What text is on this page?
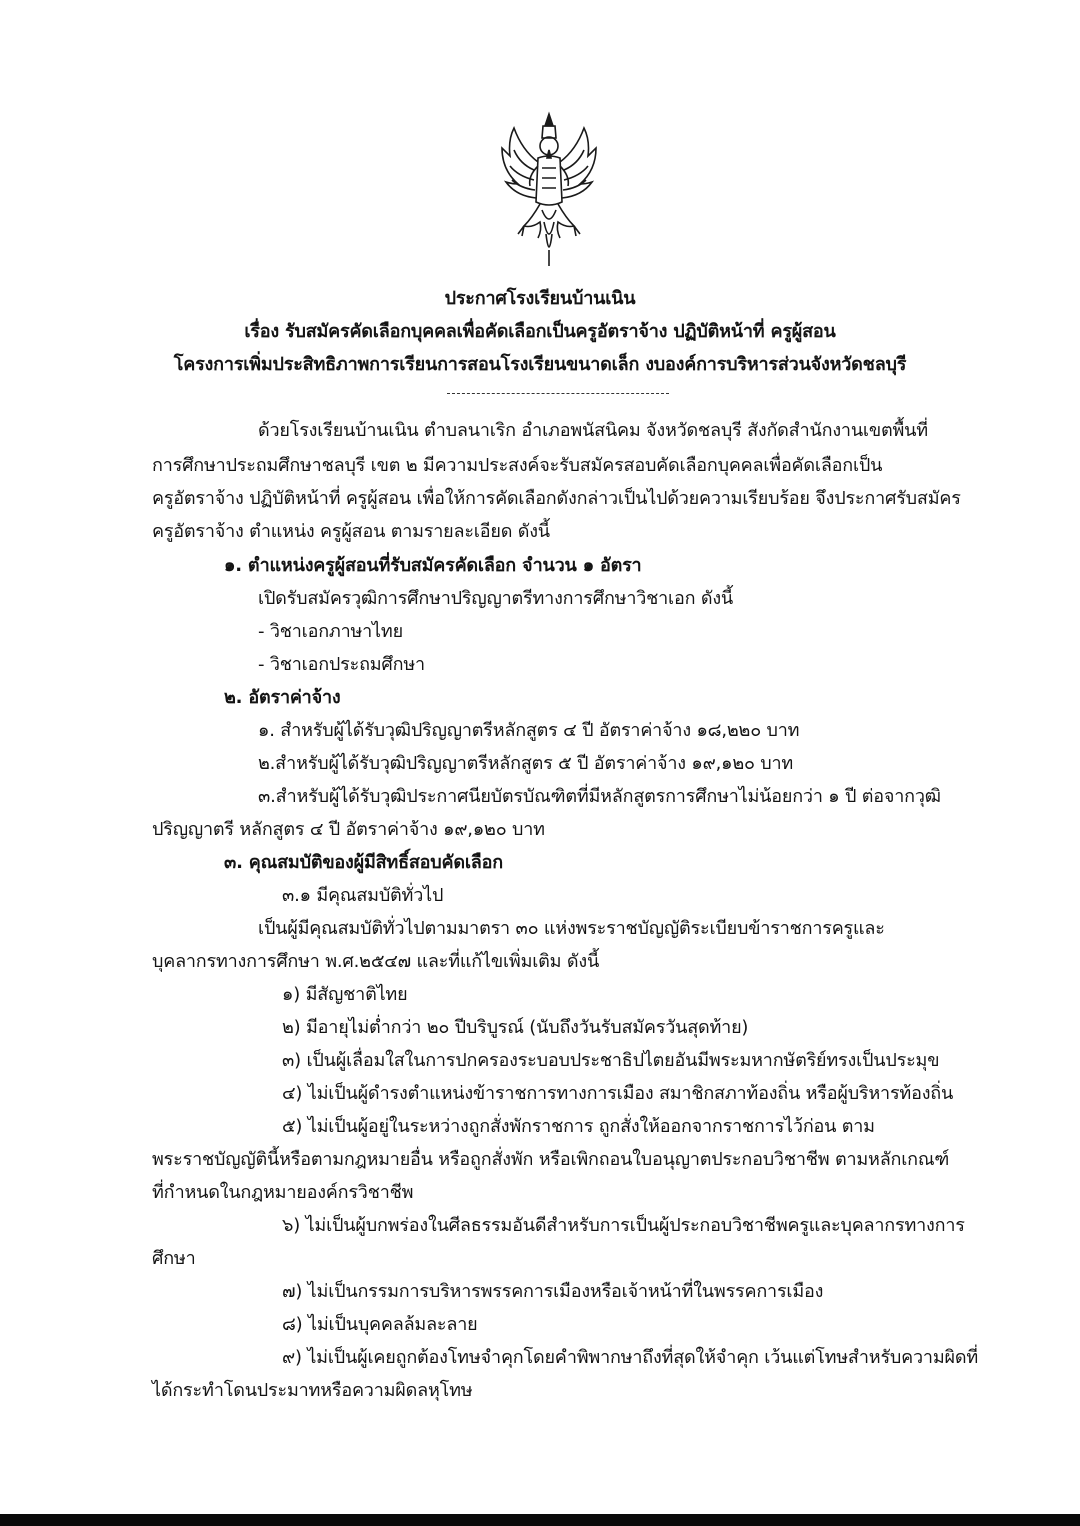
ประกาศโรงเรียนบ้านเนิน
เรื่อง รับสมัครคัดเลือกบุคคลเพื่อคัดเลือกเป็นครูอัตราจ้าง ปฏิบัติหน้าที่ ครูผู้สอน
โครงการเพิ่มประสิทธิภาพการเรียนการสอนโรงเรียนขนาดเล็ก งบองค์การบริหารส่วนจังหวัดชลบุรี
ด้วยโรงเรียนบ้านเนิน ตำบลนาเริก อำเภอพนัสนิคม จังหวัดชลบุรี สังกัดสำนักงานเขตพื้นที่
การศึกษาประถมศึกษาชลบุรี เขต ๒ มีความประสงค์จะรับสมัครสอบคัดเลือกบุคคลเพื่อคัดเลือกเป็น
ครูอัตราจ้าง ปฏิบัติหน้าที่ ครูผู้สอน เพื่อให้การคัดเลือกดังกล่าวเป็นไปด้วยความเรียบร้อย จึงประกาศรับสมัคร
ครูอัตราจ้าง ตำแหน่ง ครูผู้สอน ตามรายละเอียด ดังนี้
๑. ตำแหน่งครูผู้สอนที่รับสมัครคัดเลือก จำนวน ๑ อัตรา
เปิดรับสมัครวุฒิการศึกษาปริญญาตรีทางการศึกษาวิชาเอก ดังนี้
- วิชาเอกภาษาไทย
- วิชาเอกประถมศึกษา
๒. อัตราค่าจ้าง
๑. สำหรับผู้ได้รับวุฒิปริญญาตรีหลักสูตร ๔ ปี อัตราค่าจ้าง ๑๘,๒๒๐ บาท
๒.สำหรับผู้ได้รับวุฒิปริญญาตรีหลักสูตร ๕ ปี อัตราค่าจ้าง ๑๙,๑๒๐ บาท
๓.สำหรับผู้ได้รับวุฒิประกาศนียบัตรบัณฑิตที่มีหลักสูตรการศึกษาไม่น้อยกว่า ๑ ปี ต่อจากวุฒิ
ปริญญาตรี หลักสูตร ๔ ปี อัตราค่าจ้าง ๑๙,๑๒๐ บาท
๓. คุณสมบัติของผู้มีสิทธิ์สอบคัดเลือก
๓.๑ มีคุณสมบัติทั่วไป
เป็นผู้มีคุณสมบัติทั่วไปตามมาตรา ๓๐ แห่งพระราชบัญญัติระเบียบข้าราชการครูและ
บุคลากรทางการศึกษา พ.ศ.๒๕๔๗ และที่แก้ไขเพิ่มเติม ดังนี้
๑) มีสัญชาติไทย
๒) มีอายุไม่ต่ำกว่า ๒๐ ปีบริบูรณ์ (นับถึงวันรับสมัครวันสุดท้าย)
๓) เป็นผู้เลื่อมใสในการปกครองระบอบประชาธิปไตยอันมีพระมหากษัตริย์ทรงเป็นประมุข
๔) ไม่เป็นผู้ดำรงตำแหน่งข้าราชการทางการเมือง สมาชิกสภาท้องถิ่น หรือผู้บริหารท้องถิ่น
๕) ไม่เป็นผู้อยู่ในระหว่างถูกสั่งพักราชการ ถูกสั่งให้ออกจากราชการไว้ก่อน ตาม
พระราชบัญญัตินี้หรือตามกฎหมายอื่น หรือถูกสั่งพัก หรือเพิกถอนใบอนุญาตประกอบวิชาชีพ ตามหลักเกณฑ์
ที่กำหนดในกฎหมายองค์กรวิชาชีพ
๖) ไม่เป็นผู้บกพร่องในศีลธรรมอันดีสำหรับการเป็นผู้ประกอบวิชาชีพครูและบุคลากรทางการ
ศึกษา
๗) ไม่เป็นกรรมการบริหารพรรคการเมืองหรือเจ้าหน้าที่ในพรรคการเมือง
๘) ไม่เป็นบุคคลล้มละลาย
๙) ไม่เป็นผู้เคยถูกต้องโทษจำคุกโดยคำพิพากษาถึงที่สุดให้จำคุก เว้นแต่โทษสำหรับความผิดที่
ได้กระทำโดนประมาทหรือความผิดลหุโทษ
